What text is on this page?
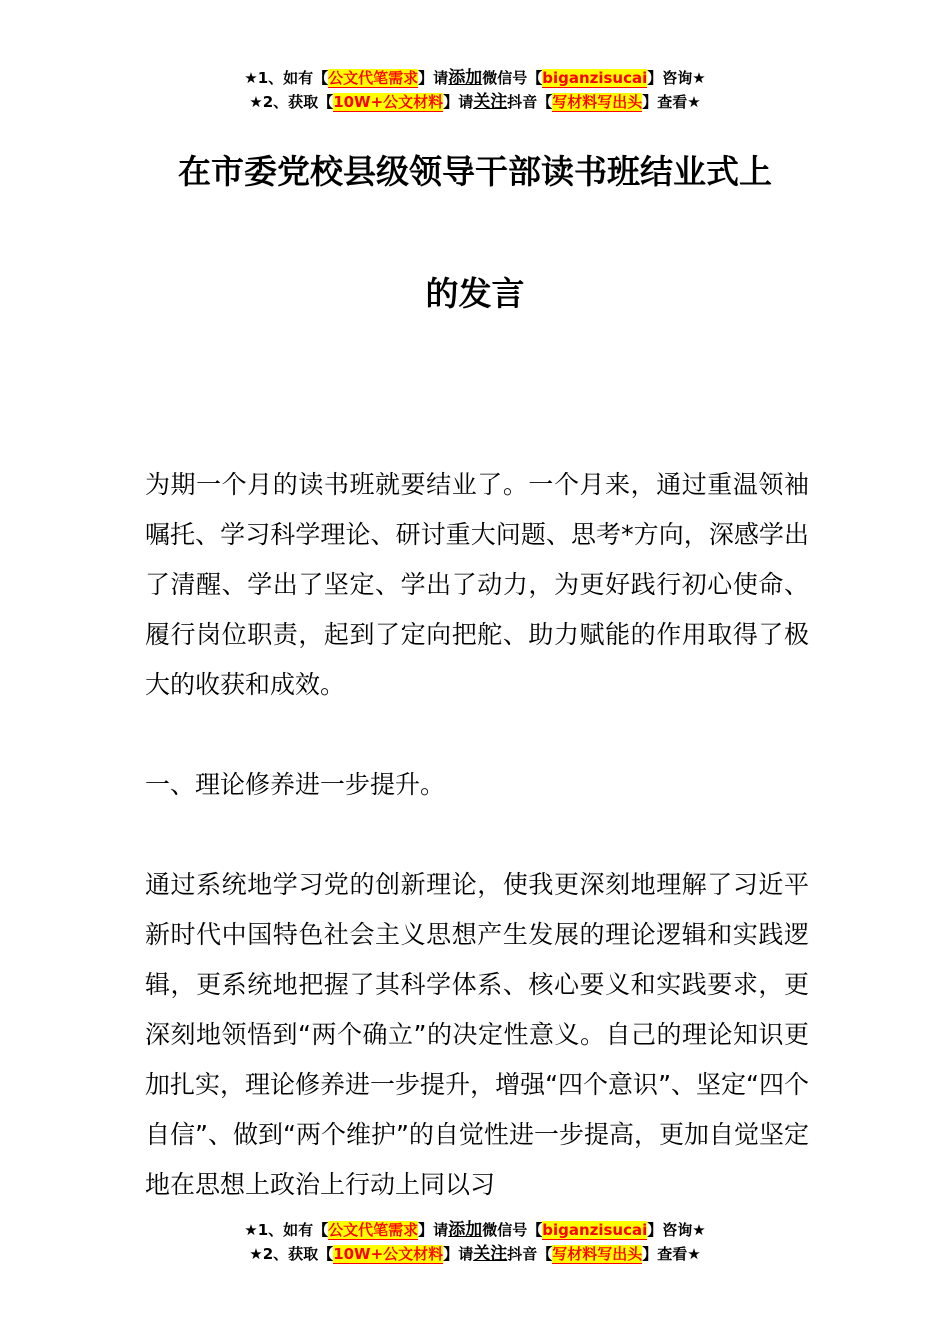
★1、如有【公文代笔需求】请添加微信号【biganzisucai】咨询★
★2、获取【10W+公文材料】请关注抖音【写材料写出头】查看★
在市委党校县级领导干部读书班结业式上
的发言

为期一个月的读书班就要结业了。一个月来，通过重温领袖嘱托、学习科学理论、研讨重大问题、思考*方向，深感学出了清醒、学出了坚定、学出了动力，为更好践行初心使命、履行岗位职责，起到了定向把舵、助力赋能的作用取得了极大的收获和成效。

一、理论修养进一步提升。

通过系统地学习党的创新理论，使我更深刻地理解了习近平新时代中国特色社会主义思想产生发展的理论逻辑和实践逻辑，更系统地把握了其科学体系、核心要义和实践要求，更深刻地领悟到“两个确立”的决定性意义。自己的理论知识更加扎实，理论修养进一步提升，增强“四个意识”、坚定“四个自信”、做到“两个维护”的自觉性进一步提高，更加自觉坚定地在思想上政治上行动上同以习

★1、如有【公文代笔需求】请添加微信号【biganzisucai】咨询★
★2、获取【10W+公文材料】请关注抖音【写材料写出头】查看★
